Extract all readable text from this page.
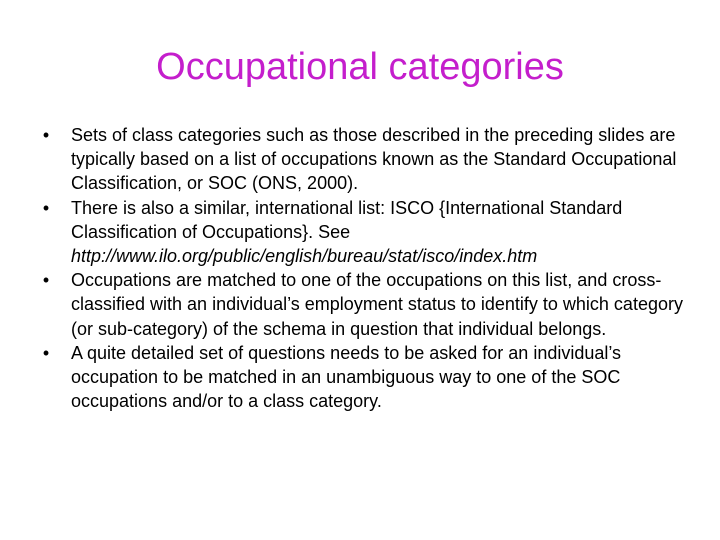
Occupational categories
•	Sets of class categories such as those described in the preceding slides are typically based on a list of occupations known as the Standard Occupational Classification, or SOC (ONS, 2000).
•	There is also a similar, international list: ISCO {International Standard Classification of Occupations}. See http://www.ilo.org/public/english/bureau/stat/isco/index.htm
•	Occupations are matched to one of the occupations on this list, and cross-classified with an individual’s employment status to identify to which category (or sub-category) of the schema in question that individual belongs.
•	A quite detailed set of questions needs to be asked for an individual’s occupation to be matched in an unambiguous way to one of the SOC occupations and/or to a class category.
